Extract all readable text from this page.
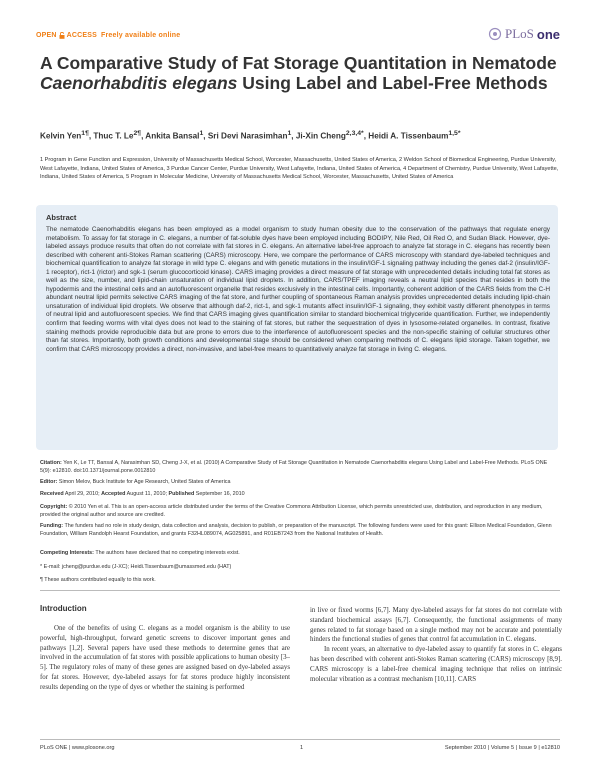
OPEN ACCESS Freely available online	PLoS one
A Comparative Study of Fat Storage Quantitation in Nematode Caenorhabditis elegans Using Label and Label-Free Methods
Kelvin Yen$^{1\P}$, Thuc T. $Le^{2\P}$, Ankita Bansal$^1$, Sri Devi Narasimhan$^1$, Ji-Xin Cheng$^{2,3,4*}$, Heidi A. Tissenbaum$^{1,5*}$
1 Program in Gene Function and Expression, University of Massachusetts Medical School, Worcester, Massachusetts, United States of America, 2 Weldon School of Biomedical Engineering, Purdue University, West Lafayette, Indiana, United States of America, 3 Purdue Cancer Center, Purdue University, West Lafayette, Indiana, United States of America, 4 Department of Chemistry, Purdue University, West Lafayette, Indiana, United States of America, 5 Program in Molecular Medicine, University of Massachusetts Medical School, Worcester, Massachusetts, United States of America
Abstract
The nematode Caenorhabditis elegans has been employed as a model organism to study human obesity due to the conservation of the pathways that regulate energy metabolism. To assay for fat storage in C. elegans, a number of fat-soluble dyes have been employed including BODIPY, Nile Red, Oil Red O, and Sudan Black. However, dye-labeled assays produce results that often do not correlate with fat stores in C. elegans. An alternative label-free approach to analyze fat storage in C. elegans has recently been described with coherent anti-Stokes Raman scattering (CARS) microscopy. Here, we compare the performance of CARS microscopy with standard dye-labeled techniques and biochemical quantification to analyze fat storage in wild type C. elegans and with genetic mutations in the insulin/IGF-1 signaling pathway including the genes daf-2 (insulin/IGF-1 receptor), rict-1 (rictor) and sgk-1 (serum glucocorticoid kinase). CARS imaging provides a direct measure of fat storage with unprecedented details including total fat stores as well as the size, number, and lipid-chain unsaturation of individual lipid droplets. In addition, CARS/TPEF imaging reveals a neutral lipid species that resides in both the hypodermis and the intestinal cells and an autofluorescent organelle that resides exclusively in the intestinal cells. Importantly, coherent addition of the CARS fields from the C-H abundant neutral lipid permits selective CARS imaging of the fat store, and further coupling of spontaneous Raman analysis provides unprecedented details including lipid-chain unsaturation of individual lipid droplets. We observe that although daf-2, rict-1, and sgk-1 mutants affect insulin/IGF-1 signaling, they exhibit vastly different phenotypes in terms of neutral lipid and autofluorescent species. We find that CARS imaging gives quantification similar to standard biochemical triglyceride quantification. Further, we independently confirm that feeding worms with vital dyes does not lead to the staining of fat stores, but rather the sequestration of dyes in lysosome-related organelles. In contrast, fixative staining methods provide reproducible data but are prone to errors due to the interference of autofluorescent species and the non-specific staining of cellular structures other than fat stores. Importantly, both growth conditions and developmental stage should be considered when comparing methods of C. elegans lipid storage. Taken together, we confirm that CARS microscopy provides a direct, non-invasive, and label-free means to quantitatively analyze fat storage in living C. elegans.
Citation: Yen K, Le TT, Bansal A, Narasimhan SD, Cheng J-X, et al. (2010) A Comparative Study of Fat Storage Quantitation in Nematode Caenorhabditis elegans Using Label and Label-Free Methods. PLoS ONE 5(9): e12810. doi:10.1371/journal.pone.0012810
Editor: Simon Melov, Buck Institute for Age Research, United States of America
Received April 29, 2010; Accepted August 11, 2010; Published September 16, 2010
Copyright: © 2010 Yen et al. This is an open-access article distributed under the terms of the Creative Commons Attribution License, which permits unrestricted use, distribution, and reproduction in any medium, provided the original author and source are credited.
Funding: The funders had no role in study design, data collection and analysis, decision to publish, or preparation of the manuscript. The following funders were used for this grant: Ellison Medical Foundation, Glenn Foundation, William Randolph Hearst Foundation, and grants F32HL089074, AG025891, and R01EB7243 from the National Institutes of Health.
Competing Interests: The authors have declared that no competing interests exist.
* E-mail: jcheng@purdue.edu (J-XC); Heidi.Tissenbaum@umassmed.edu (HAT)
¶ These authors contributed equally to this work.
Introduction
One of the benefits of using C. elegans as a model organism is the ability to use powerful, high-throughput, forward genetic screens to discover important genes and pathways [1,2]. Several papers have used these methods to determine genes that are involved in the accumulation of fat stores with possible applications to human obesity [3–5]. The regulatory roles of many of these genes are assigned based on dye-labeled assays for fat stores. However, dye-labeled assays for fat stores produce highly inconsistent results depending on the type of dyes or whether the staining is performed

in live or fixed worms [6,7]. Many dye-labeled assays for fat stores do not correlate with standard biochemical assays [6,7]. Consequently, the functional assignments of many genes related to fat storage based on a single method may not be accurate and potentially hinders the functional studies of genes that control fat accumulation in C. elegans.

In recent years, an alternative to dye-labeled assay to quantify fat stores in C. elegans has been described with coherent anti-Stokes Raman scattering (CARS) microscopy [8,9]. CARS microscopy is a label-free chemical imaging technique that relies on intrinsic molecular vibration as a contrast mechanism [10,11]. CARS

PLoS ONE | www.plosone.org	1	September 2010 | Volume 5 | Issue 9 | e12810
